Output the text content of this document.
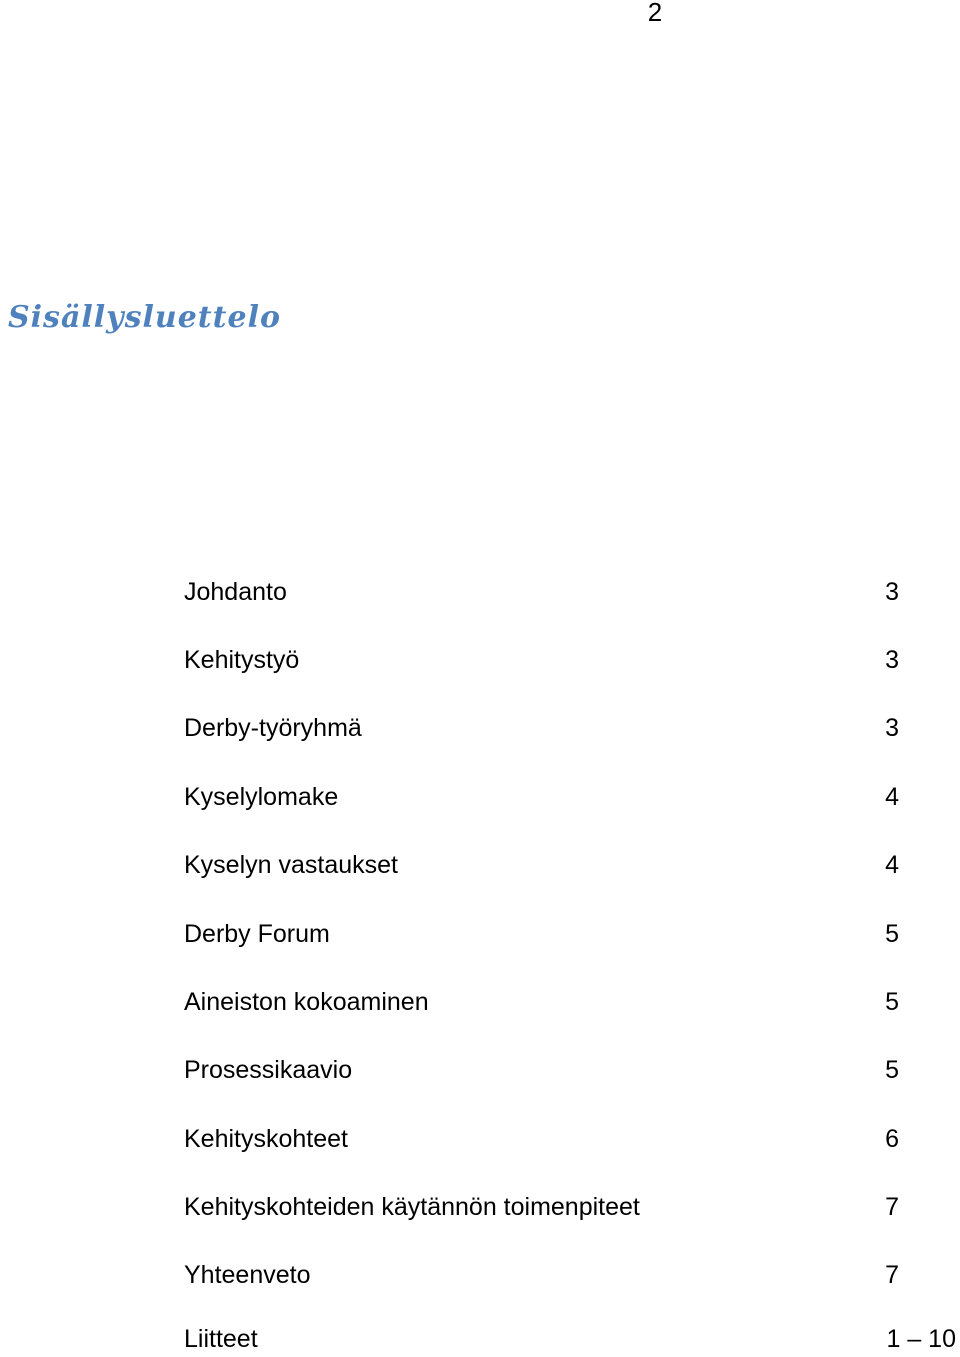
2
Sisällysluettelo
Johdanto	3
Kehitystyö	3
Derby-työryhmä	3
Kyselylomake	4
Kyselyn vastaukset	4
Derby Forum	5
Aineiston kokoaminen	5
Prosessikaavio	5
Kehityskohteet	6
Kehityskohteiden käytännön toimenpiteet	7
Yhteenveto	7
Liitteet	1 – 10
